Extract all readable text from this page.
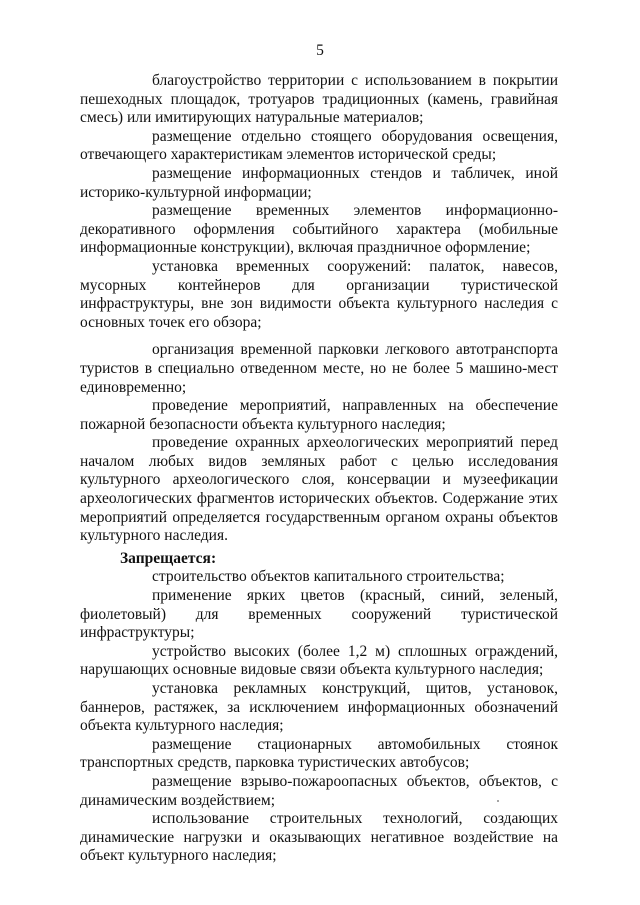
5

благоустройство территории с использованием в покрытии пешеходных площадок, тротуаров традиционных (камень, гравийная смесь) или имитирующих натуральные материалов;

размещение отдельно стоящего оборудования освещения, отвечающего характеристикам элементов исторической среды;

размещение информационных стендов и табличек, иной историко-культурной информации;

размещение временных элементов информационно-декоративного оформления событийного характера (мобильные информационные конструкции), включая праздничное оформление;

установка временных сооружений: палаток, навесов, мусорных контейнеров для организации туристической инфраструктуры, вне зон видимости объекта культурного наследия с основных точек его обзора;

организация временной парковки легкового автотранспорта туристов в специально отведенном месте, но не более 5 машино-мест единовременно;

проведение мероприятий, направленных на обеспечение пожарной безопасности объекта культурного наследия;

проведение охранных археологических мероприятий перед началом любых видов земляных работ с целью исследования культурного археологического слоя, консервации и музеефикации археологических фрагментов исторических объектов. Содержание этих мероприятий определяется государственным органом охраны объектов культурного наследия.

Запрещается:

строительство объектов капитального строительства;

применение ярких цветов (красный, синий, зеленый, фиолетовый) для временных сооружений туристической инфраструктуры;

устройство высоких (более 1,2 м) сплошных ограждений, нарушающих основные видовые связи объекта культурного наследия;

установка рекламных конструкций, щитов, установок, баннеров, растяжек, за исключением информационных обозначений объекта культурного наследия;

размещение стационарных автомобильных стоянок транспортных средств, парковка туристических автобусов;

размещение взрыво-пожароопасных объектов, объектов, с динамическим воздействием;

использование строительных технологий, создающих динамические нагрузки и оказывающих негативное воздействие на объект культурного наследия;
